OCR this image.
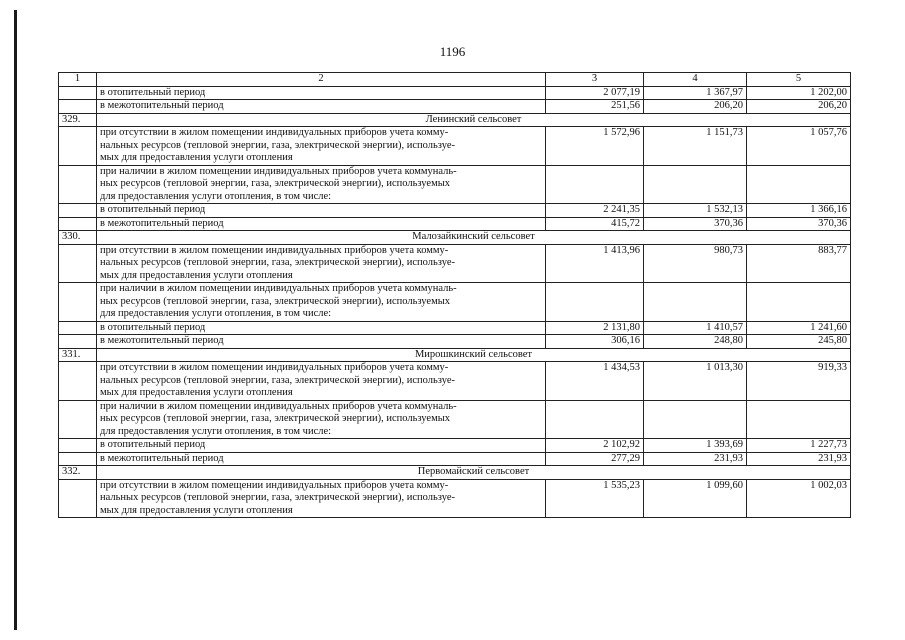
1196
1	2	3	4	5
	в отопительный период	2 077,19	1 367,97	1 202,00
	в межотопительный период	251,56	206,20	206,20
329.	Ленинский сельсовет			

	при отсутствии в жилом помещении индивидуальных приборов учета комму-
нальных ресурсов (тепловой энергии, газа, электрической энергии), используе-
мых для предоставления услуги отопления	1 572,96	1 151,73	1 057,76

	при наличии в жилом помещении индивидуальных приборов учета коммуналь-
ных ресурсов (тепловой энергии, газа, электрической энергии), используемых
для предоставления услуги отопления, в том числе:			

	в отопительный период	2 241,35	1 532,13	1 366,16
	в межотопительный период	415,72	370,36	370,36
330.	Малозайкинский сельсовет			

	при отсутствии в жилом помещении индивидуальных приборов учета комму-
нальных ресурсов (тепловой энергии, газа, электрической энергии), используе-
мых для предоставления услуги отопления	1 413,96	980,73	883,77

	при наличии в жилом помещении индивидуальных приборов учета коммуналь-
ных ресурсов (тепловой энергии, газа, электрической энергии), используемых
для предоставления услуги отопления, в том числе:			

	в отопительный период	2 131,80	1 410,57	1 241,60
	в межотопительный период	306,16	248,80	245,80
331.	Мирошкинский сельсовет			

	при отсутствии в жилом помещении индивидуальных приборов учета комму-
нальных ресурсов (тепловой энергии, газа, электрической энергии), используе-
мых для предоставления услуги отопления	1 434,53	1 013,30	919,33

	при наличии в жилом помещении индивидуальных приборов учета коммуналь-
ных ресурсов (тепловой энергии, газа, электрической энергии), используемых
для предоставления услуги отопления, в том числе:			

	в отопительный период	2 102,92	1 393,69	1 227,73
	в межотопительный период	277,29	231,93	231,93
332.	Первомайский сельсовет			

	при отсутствии в жилом помещении индивидуальных приборов учета комму-
нальных ресурсов (тепловой энергии, газа, электрической энергии), используе-
мых для предоставления услуги отопления	1 535,23	1 099,60	1 002,03
